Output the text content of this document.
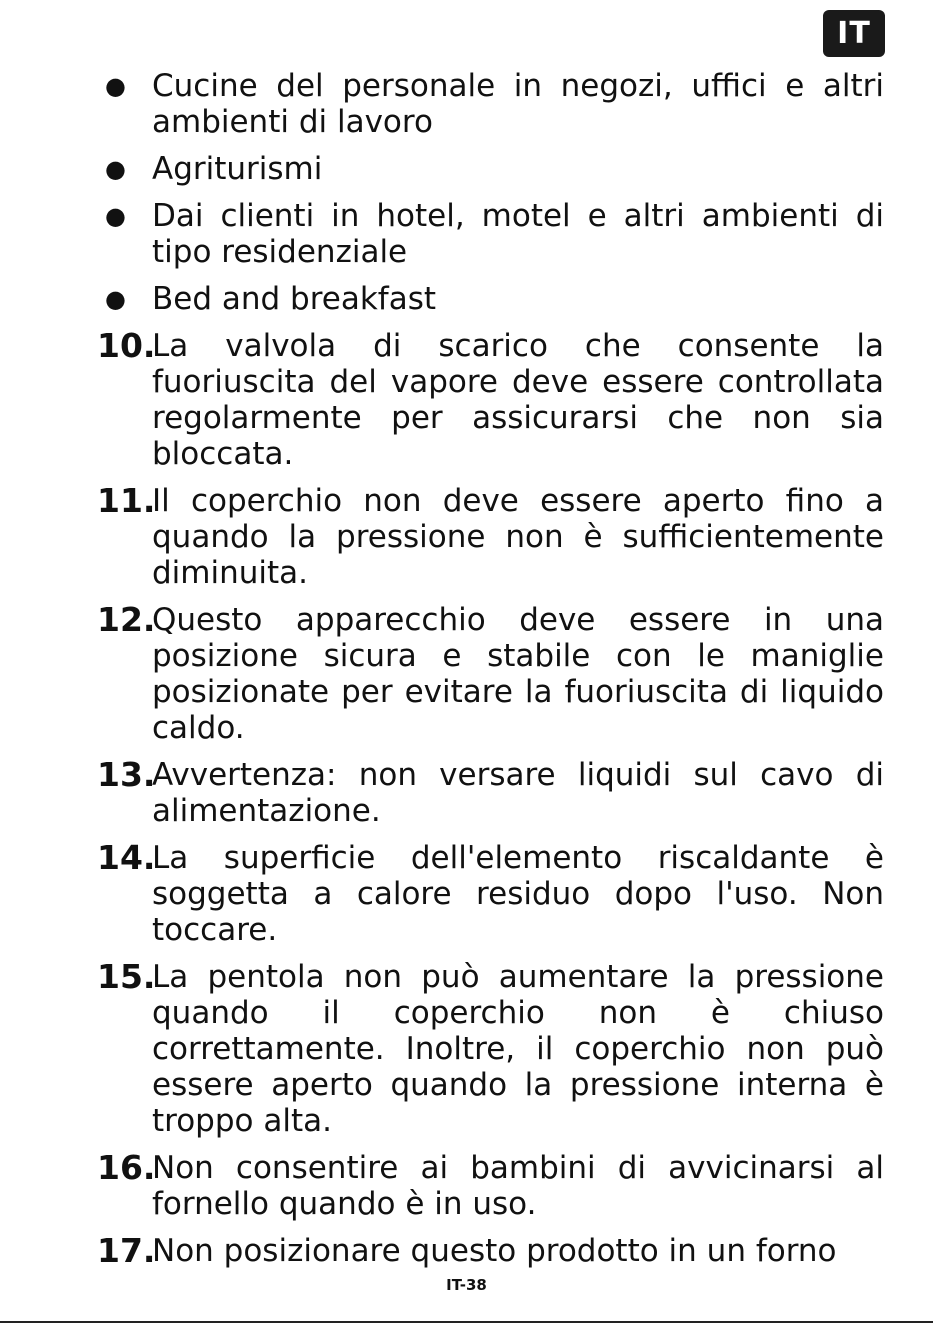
IT
● Cucine del personale in negozi, uffici e altri ambienti di lavoro
● Agriturismi
● Dai clienti in hotel, motel e altri ambienti di tipo residenziale
● Bed and breakfast
10.
La valvola di scarico che consente la fuoriuscita del vapore deve essere controllata regolarmente per assicurarsi che non sia bloccata.
11.
Il coperchio non deve essere aperto fino a quando la pressione non è sufficientemente diminuita.
12.
Questo apparecchio deve essere in una posizione sicura e stabile con le maniglie posizionate per evitare la fuoriuscita di liquido caldo.
13.
Avvertenza: non versare liquidi sul cavo di alimentazione.
14.
La superficie dell'elemento riscaldante è soggetta a calore residuo dopo l'uso. Non toccare.
15.
La pentola non può aumentare la pressione quando il coperchio non è chiuso correttamente. Inoltre, il coperchio non può essere aperto quando la pressione interna è troppo alta.
16.
Non consentire ai bambini di avvicinarsi al fornello quando è in uso.
17.
Non posizionare questo prodotto in un forno
IT-38
